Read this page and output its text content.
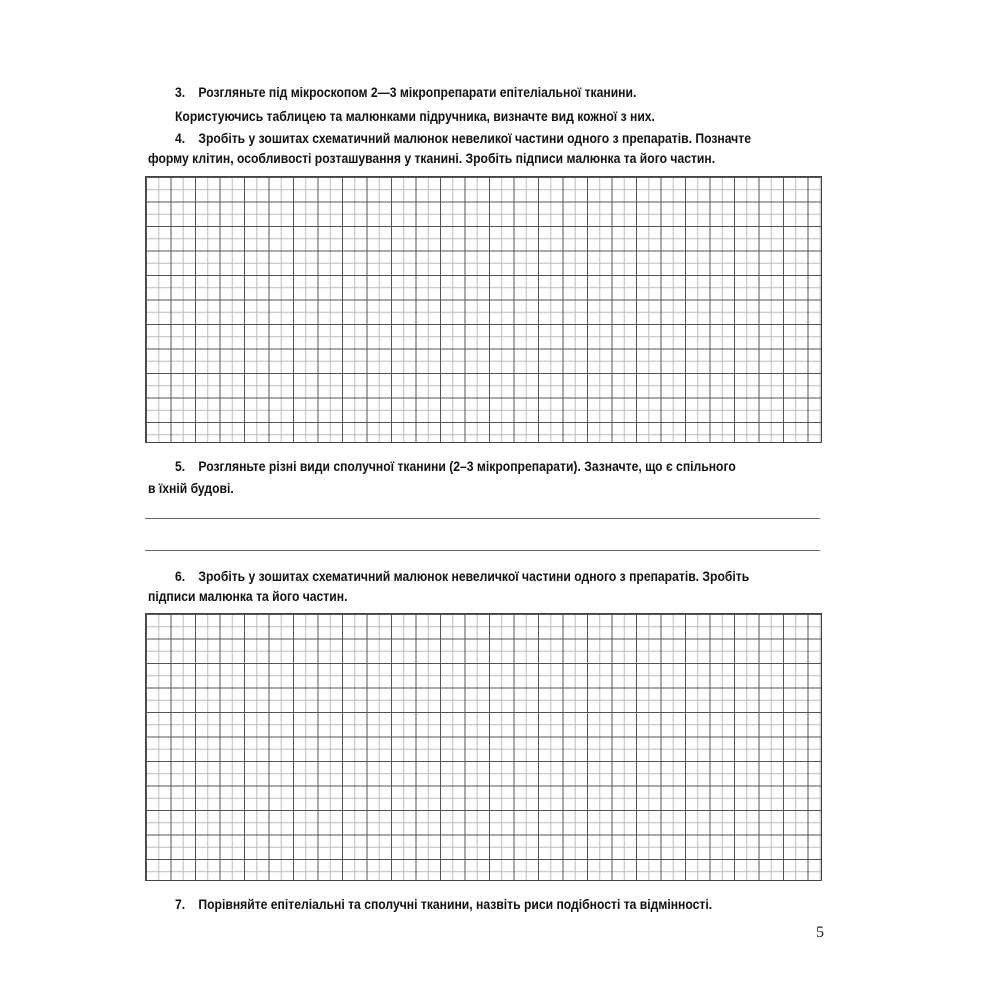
3. Розгляньте під мікроскопом 2—3 мікропрепарати епітеліальної тканини.
Користуючись таблицею та малюнками підручника, визначте вид кожної з них.
4. Зробіть у зошитах схематичний малюнок невеликої частини одного з препаратів. Позначте
форму клітин, особливості розташування у тканині. Зробіть підписи малюнка та його частин.
5. Розгляньте різні види сполучної тканини (2–3 мікропрепарати). Зазначте, що є спільного
в їхній будові.
6. Зробіть у зошитах схематичний малюнок невеличкої частини одного з препаратів. Зробіть
підписи малюнка та його частин.
7. Порівняйте епітеліальні та сполучні тканини, назвіть риси подібності та відмінності.
5
